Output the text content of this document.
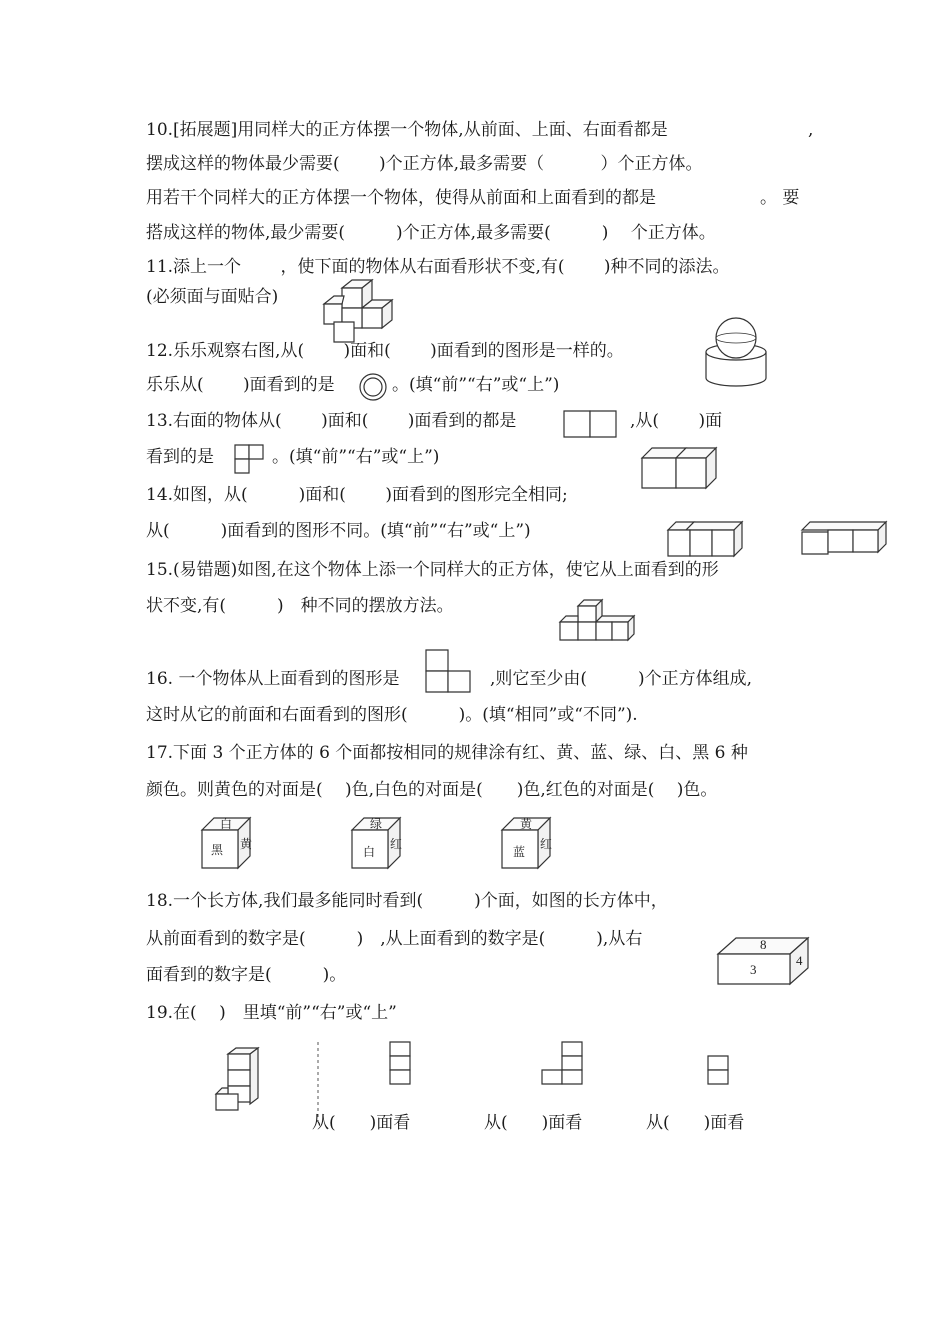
10.[拓展题]用同样大的正方体摆一个物体,从前面、上面、右面看都是	,
摆成这样的物体最少需要(　　 )个正方体,最多需要（　　　 ）个正方体。
用若干个同样大的正方体摆一个物体，使得从前面和上面看到的都是	。 要
搭成这样的物体,最少需要(　　　)个正方体,最多需要(　　　)　 个正方体。
11.添上一个　　 ，使下面的物体从右面看形状不变,有(　　 )种不同的添法。
(必须面与面贴合)
12.乐乐观察右图,从(　　 )面和(　　 )面看到的图形是一样的。
乐乐从(　　 )面看到的是	。(填“前”“右”或“上”)
13.右面的物体从(　　 )面和(　　 )面看到的都是	,从(　　 )面
看到的是	。(填“前”“右”或“上”)
14.如图，从(　　　)面和(　　 )面看到的图形完全相同;
从(　　　)面看到的图形不同。(填“前”“右”或“上”)
15.(易错题)如图,在这个物体上添一个同样大的正方体，使它从上面看到的形
状不变,有(　　　)　种不同的摆放方法。
16. 一个物体从上面看到的图形是	,则它至少由(　　　)个正方体组成,
这时从它的前面和右面看到的图形(　　　)。(填“相同”或“不同”).
17.下面 3 个正方体的 6 个面都按相同的规律涂有红、黄、蓝、绿、白、黑 6 种
颜色。则黄色的对面是(　 )色,白色的对面是(　　)色,红色的对面是(　 )色。
白
黑 黄
绿
白
红
黄
蓝
红
18.一个长方体,我们最多能同时看到(　　　)个面，如图的长方体中，
从前面看到的数字是(　　　)　,从上面看到的数字是(　　　),从右
面看到的数字是(　　　)。
8
3
4
19.在(　 )　里填“前”“右”或“上”
从(　　)面看	从(　　)面看	从(　　)面看
